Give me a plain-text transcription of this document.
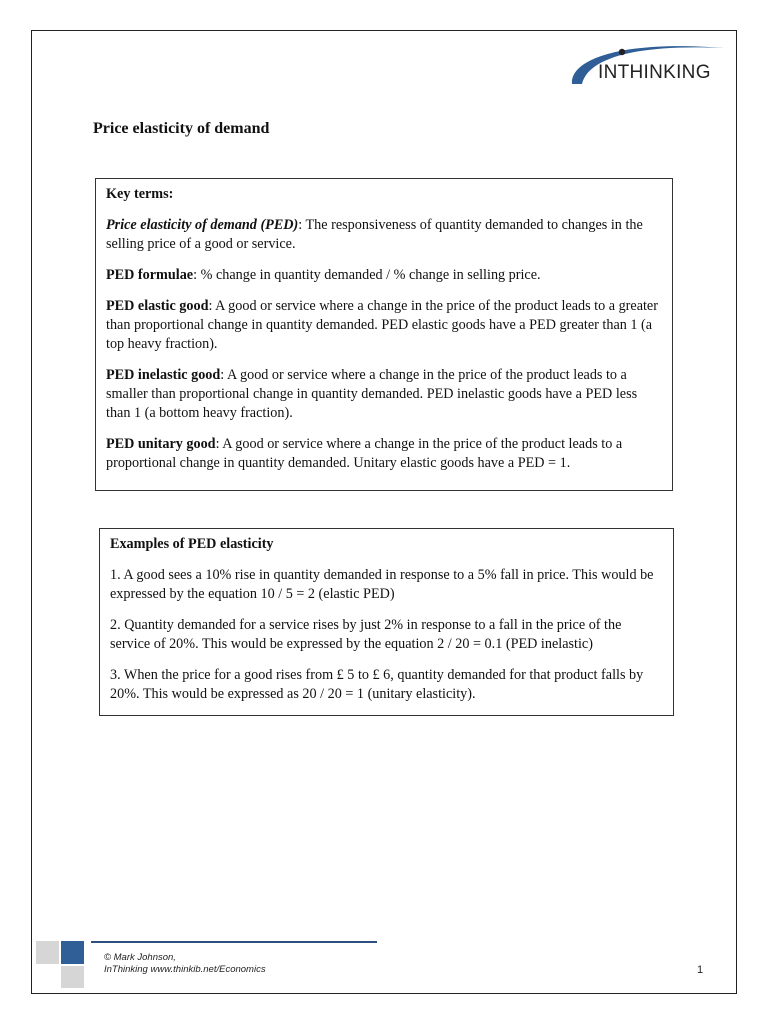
INTHINKING
Price elasticity of demand
Key terms:

Price elasticity of demand (PED): The responsiveness of quantity demanded to changes in the selling price of a good or service.

PED formulae: % change in quantity demanded / % change in selling price.

PED elastic good: A good or service where a change in the price of the product leads to a greater than proportional change in quantity demanded. PED elastic goods have a PED greater than 1 (a top heavy fraction).

PED inelastic good: A good or service where a change in the price of the product leads to a smaller than proportional change in quantity demanded. PED inelastic goods have a PED less than 1 (a bottom heavy fraction).

PED unitary good: A good or service where a change in the price of the product leads to a proportional change in quantity demanded. Unitary elastic goods have a PED = 1.

Examples of PED elasticity

1. A good sees a 10% rise in quantity demanded in response to a 5% fall in price. This would be expressed by the equation 10 / 5 = 2 (elastic PED)

2. Quantity demanded for a service rises by just 2% in response to a fall in the price of the service of 20%. This would be expressed by the equation 2 / 20 = 0.1 (PED inelastic)

3. When the price for a good rises from £ 5 to £ 6, quantity demanded for that product falls by 20%. This would be expressed as 20 / 20 = 1 (unitary elasticity).

© Mark Johnson,
InThinking www.thinkib.net/Economics	1
